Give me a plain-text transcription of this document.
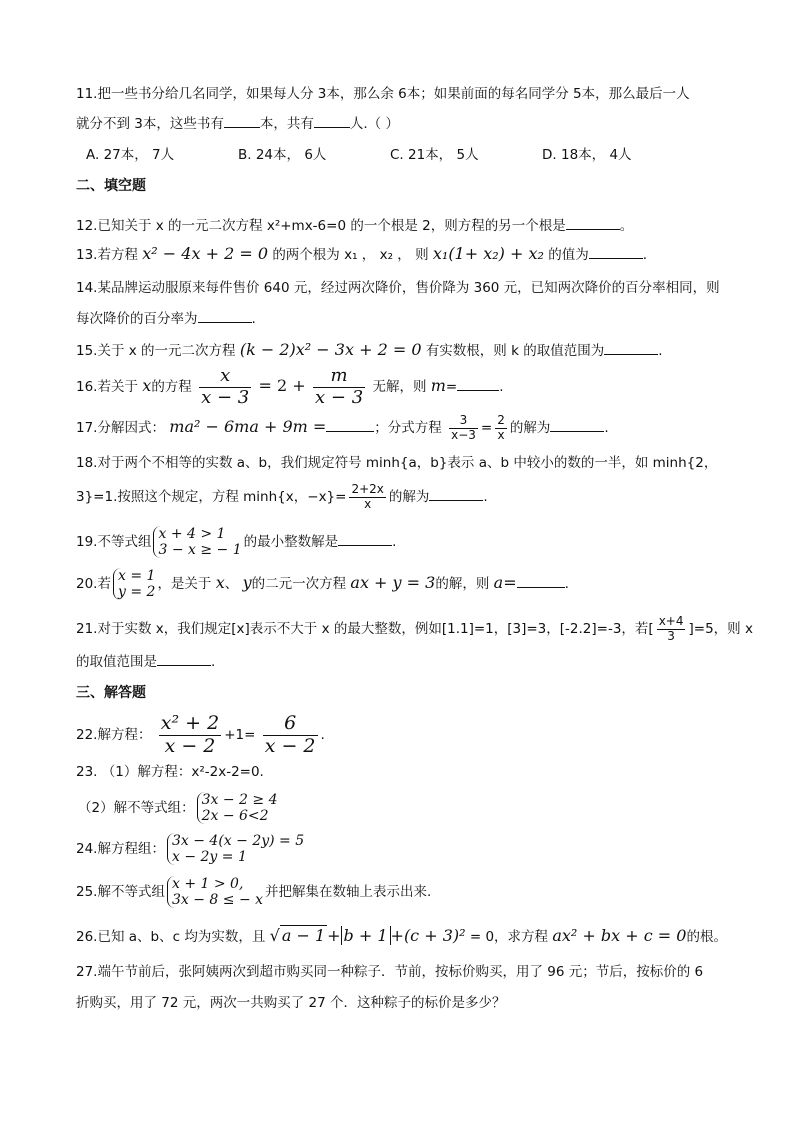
11.把一些书分给几名同学，如果每人分 3本，那么余 6本；如果前面的每名同学分 5本，那么最后一人
就分不到 3本，这些书有	本，共有	人.（ ）
A. 27本， 7人	B. 24本， 6人	C. 21本， 5人	D. 18本， 4人
二、填空题
12.已知关于 x 的一元二次方程 x²+mx-6=0 的一个根是 2，则方程的另一个根是	。
13.若方程 x² − 4x + 2 = 0 的两个根为 x₁ ， x₂ ， 则 x₁(1+ x₂) + x₂ 的值为	.
14.某品牌运动服原来每件售价 640 元，经过两次降价，售价降为 360 元，已知两次降价的百分率相同，则
每次降价的百分率为	.
15.关于 x 的一元二次方程 (k − 2)x² − 3x + 2 = 0 有实数根，则 k 的取值范围为	.
16.若关于 x的方程 $\frac{x}{x - 3} = 2 + \frac{m}{x - 3}$ 无解，则 m=	.
17.分解因式： ma² − 6ma + 9m =	；分式方程 $\frac{3}{x-3} = \frac{2}{x}$ 的解为	.
18.对于两个不相等的实数 a、b，我们规定符号 minh{a，b}表示 a、b 中较小的数的一半，如 minh{2，
3}=1.按照这个规定，方程 minh{x，$-x\}= \frac{2+2x}{x}$ 的解为	.
19.不等式组
x + 4 > 1
3 − x ≥ − 1 的最小整数解是	.
20.若
x = 1
y = 2 ，是关于 x、 y的二元一次方程 ax + y = 3的解，则 a=	.
21.对于实数 x，我们规定[x]表示不大于 x 的最大整数，例如[1.1]=1，[3]=3，[-2.2]=-3，若[ $\frac{x+4}{3} ]=5$，则 x
的取值范围是	.
三、解答题
22.解方程： $\frac{\text{x² + 2}}{x - 2} +1= \frac{6}{x - 2}$ .
23. （1）解方程：x²-2x-2=0.
（2）解不等式组：
3x − 2 ≥ 4
2x − 6<2
24.解方程组：
3x − 4(x − 2y) = 5
x − 2y = 1
25.解不等式组
x + 1 > 0,
3x − 8 ≤ − x 并把解集在数轴上表示出来.
26.已知 a、b、c 均为实数，且 √ a − 1 + b + 1 +(c + 3)² = 0，求方程 ax² + bx + c = 0的根。
27.端午节前后，张阿姨两次到超市购买同一种粽子．节前，按标价购买，用了 96 元；节后，按标价的 6
折购买，用了 72 元，两次一共购买了 27 个．这种粽子的标价是多少？
